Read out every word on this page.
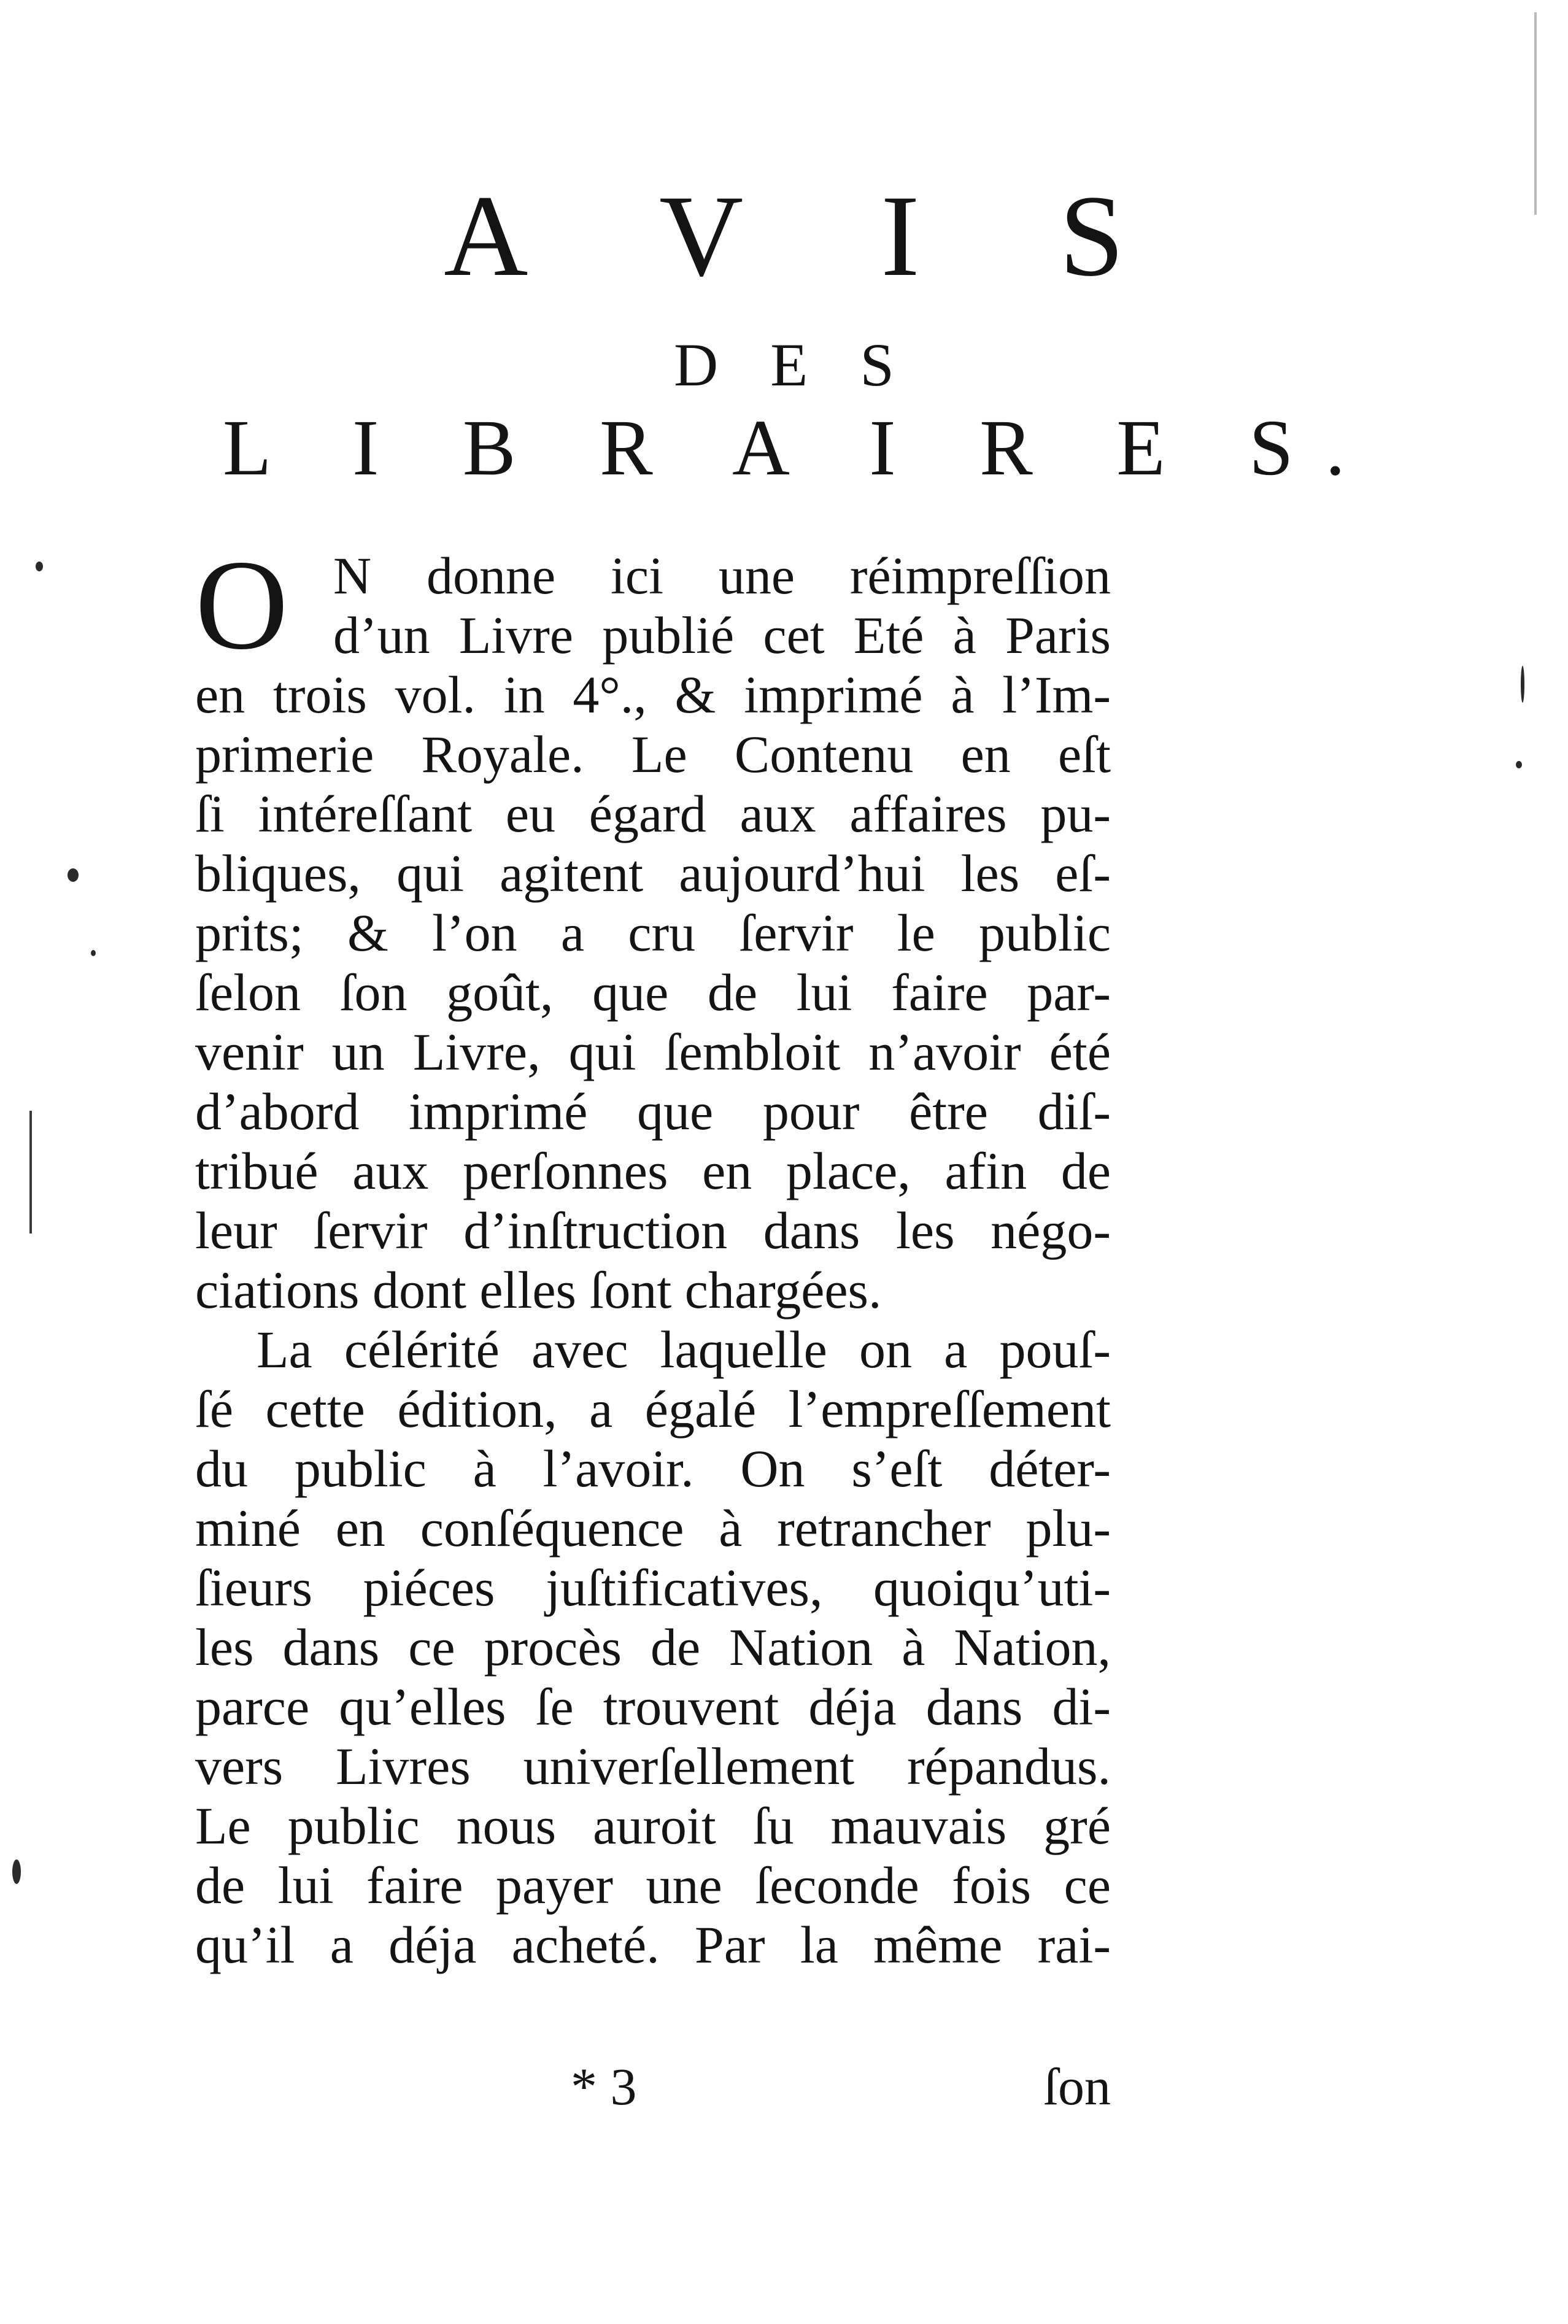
A V I S
D E S
L I B R A I R E S.
O N donne ici une réimpreſſion
d’un Livre publié cet Eté à Paris
en trois vol. in 4°., & imprimé à l’Im-
primerie Royale. Le Contenu en eſt
ſi intéreſſant eu égard aux affaires pu-
bliques, qui agitent aujourd’hui les eſ-
prits; & l’on a cru ſervir le public
ſelon ſon goût, que de lui faire par-
venir un Livre, qui ſembloit n’avoir été
d’abord imprimé que pour être diſ-
tribué aux perſonnes en place, afin de
leur ſervir d’inſtruction dans les négo-
ciations dont elles ſont chargées.
La célérité avec laquelle on a pouſ-
ſé cette édition, a égalé l’empreſſement
du public à l’avoir. On s’eſt déter-
miné en conſéquence à retrancher plu-
ſieurs piéces juſtificatives, quoiqu’uti-
les dans ce procès de Nation à Nation,
parce qu’elles ſe trouvent déja dans di-
vers Livres univerſellement répandus.
Le public nous auroit ſu mauvais gré
de lui faire payer une ſeconde fois ce
qu’il a déja acheté. Par la même rai-
* 3	ſon
